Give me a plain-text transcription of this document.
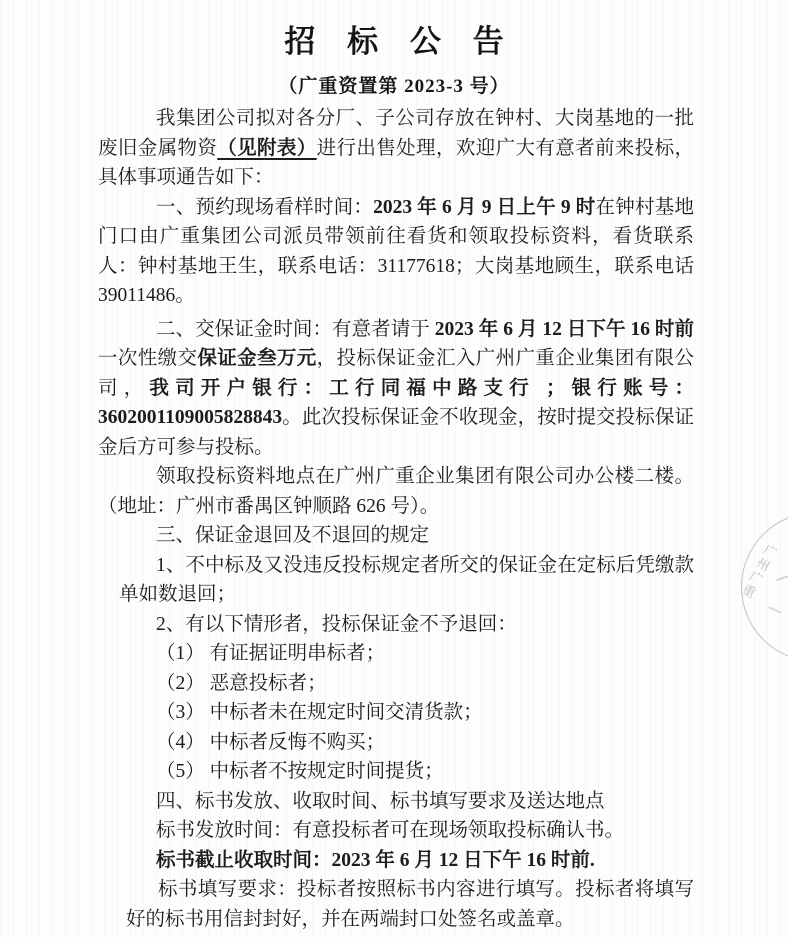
招 标 公 告
（广重资置第 2023-3 号）

我集团公司拟对各分厂、子公司存放在钟村、大岗基地的一批废旧金属物资（见附表）进行出售处理，欢迎广大有意者前来投标，具体事项通告如下：

一、预约现场看样时间：2023 年 6 月 9 日上午 9 时在钟村基地门口由广重集团公司派员带领前往看货和领取投标资料，看货联系人：钟村基地王生，联系电话：31177618；大岗基地顾生，联系电话 39011486。

二、交保证金时间：有意者请于 2023 年 6 月 12 日下午 16 时前一次性缴交保证金叁万元，投标保证金汇入广州广重企业集团有限公司，我司开户银行：工行同福中路支行 ；银行账号：3602001109005828843。此次投标保证金不收现金，按时提交投标保证金后方可参与投标。

领取投标资料地点在广州广重企业集团有限公司办公楼二楼。（地址：广州市番禺区钟顺路 626 号）。

三、保证金退回及不退回的规定

1、不中标及又没违反投标规定者所交的保证金在定标后凭缴款单如数退回；

2、有以下情形者，投标保证金不予退回：

（1） 有证据证明串标者；

（2） 恶意投标者；

（3） 中标者未在规定时间交清货款；

（4） 中标者反悔不购买；

（5） 中标者不按规定时间提货；

四、标书发放、收取时间、标书填写要求及送达地点

标书发放时间：有意投标者可在现场领取投标确认书。

标书截止收取时间：2023 年 6 月 12 日下午 16 时前.

标书填写要求：投标者按照标书内容进行填写。投标者将填写好的标书用信封封好，并在两端封口处签名或盖章。

广州广重
